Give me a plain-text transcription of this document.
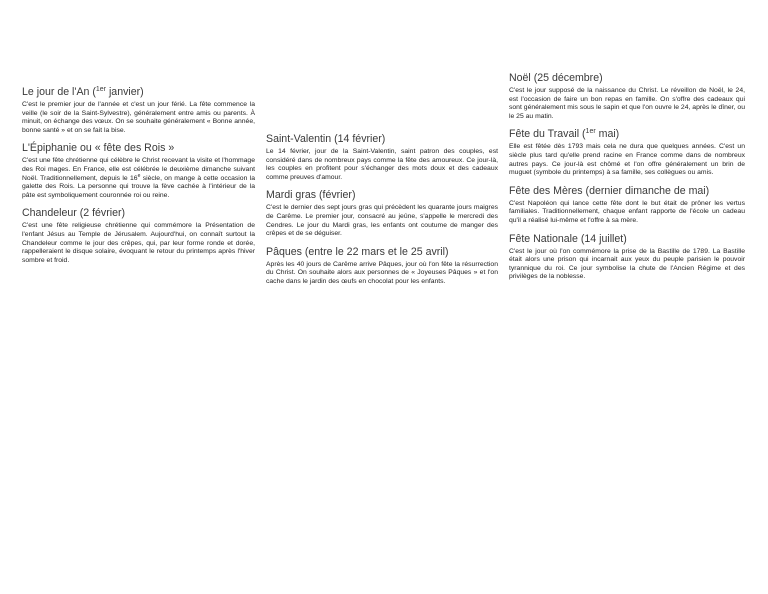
Le jour de l'An ($^{1er}$ janvier)

C'est le premier jour de l'année et c'est un jour férié. La fête commence la veille (le soir de la Saint-Sylvestre), généralement entre amis ou parents. À minuit, on échange des vœux. On se souhaite généralement « Bonne année, bonne santé » et on se fait la bise.

L'Épiphanie ou « fête des Rois »

C'est une fête chrétienne qui célèbre le Christ recevant la visite et l'hommage des Roi mages. En France, elle est célébrée le deuxième dimanche suivant Noël. Traditionnellement, depuis le 16e siècle, on mange à cette occasion la galette des Rois. La personne qui trouve la fève cachée à l'intérieur de la pâte est symboliquement couronnée roi ou reine.

Chandeleur (2 février)

C'est une fête religieuse chrétienne qui commémore la Présentation de l'enfant Jésus au Temple de Jérusalem. Aujourd'hui, on connaît surtout la Chandeleur comme le jour des crêpes, qui, par leur forme ronde et dorée, rappelleraient le disque solaire, évoquant le retour du printemps après l'hiver sombre et froid.

Saint-Valentin (14 février)

Le 14 février, jour de la Saint-Valentin, saint patron des couples, est considéré dans de nombreux pays comme la fête des amoureux. Ce jour-là, les couples en profitent pour s'échanger des mots doux et des cadeaux comme preuves d'amour.

Mardi gras (février)

C'est le dernier des sept jours gras qui précèdent les quarante jours maigres de Carême. Le premier jour, consacré au jeûne, s'appelle le mercredi des Cendres. Le jour du Mardi gras, les enfants ont coutume de manger des crêpes et de se déguiser.

Pâques (entre le 22 mars et le 25 avril)

Après les 40 jours de Carême arrive Pâques, jour où l'on fête la résurrection du Christ. On souhaite alors aux personnes de « Joyeuses Pâques » et l'on cache dans le jardin des œufs en chocolat pour les enfants.

Noël (25 décembre)

C'est le jour supposé de la naissance du Christ. Le réveillon de Noël, le 24, est l'occasion de faire un bon repas en famille. On s'offre des cadeaux qui sont généralement mis sous le sapin et que l'on ouvre le 24, après le dîner, ou le 25 au matin.

Fête du Travail ($^{1er}$ mai)

Elle est fêtée dès 1793 mais cela ne dura que quelques années. C'est un siècle plus tard qu'elle prend racine en France comme dans de nombreux autres pays. Ce jour-là est chômé et l'on offre généralement un brin de muguet (symbole du printemps) à sa famille, ses collègues ou amis.

Fête des Mères (dernier dimanche de mai)

C'est Napoléon qui lance cette fête dont le but était de prôner les vertus familiales. Traditionnellement, chaque enfant rapporte de l'école un cadeau qu'il a réalisé lui-même et l'offre à sa mère.

Fête Nationale (14 juillet)

C'est le jour où l'on commémore la prise de la Bastille de 1789. La Bastille était alors une prison qui incarnait aux yeux du peuple parisien le pouvoir tyrannique du roi. Ce jour symbolise la chute de l'Ancien Régime et des privilèges de la noblesse.
